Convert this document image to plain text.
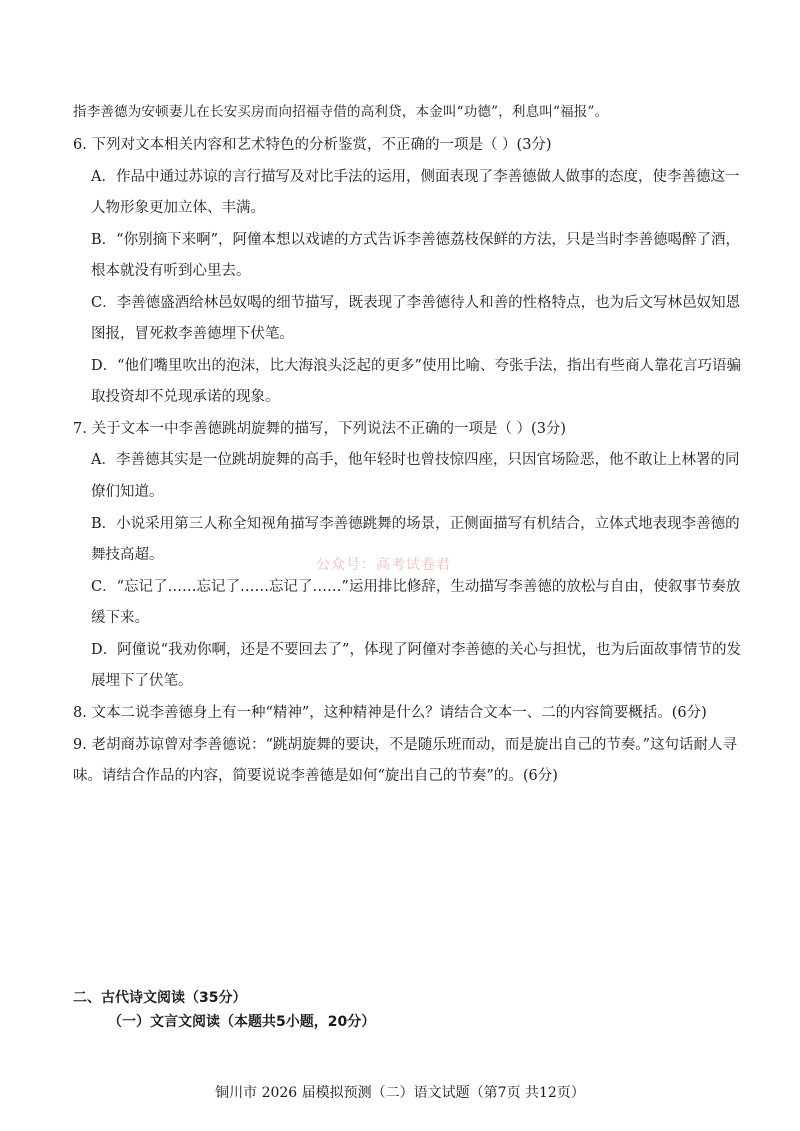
指李善德为安顿妻儿在长安买房而向招福寺借的高利贷，本金叫“功德”，利息叫“福报”。
6. 下列对文本相关内容和艺术特色的分析鉴赏，不正确的一项是（ ）(3分)
A．作品中通过苏谅的言行描写及对比手法的运用，侧面表现了李善德做人做事的态度，使李善德这一
人物形象更加立体、丰满。
B．“你别摘下来啊”，阿僮本想以戏谑的方式告诉李善德荔枝保鲜的方法，只是当时李善德喝醉了酒，
根本就没有听到心里去。
C．李善德盛酒给林邑奴喝的细节描写，既表现了李善德待人和善的性格特点，也为后文写林邑奴知恩
图报，冒死救李善德埋下伏笔。
D．“他们嘴里吹出的泡沫，比大海浪头泛起的更多”使用比喻、夸张手法，指出有些商人靠花言巧语骗
取投资却不兑现承诺的现象。
7. 关于文本一中李善德跳胡旋舞的描写，下列说法不正确的一项是（ ）(3分)
A．李善德其实是一位跳胡旋舞的高手，他年轻时也曾技惊四座，只因官场险恶，他不敢让上林署的同
僚们知道。
B．小说采用第三人称全知视角描写李善德跳舞的场景，正侧面描写有机结合，立体式地表现李善德的
舞技高超。
公众号：高考试卷君
C．“忘记了……忘记了……忘记了……”运用排比修辞，生动描写李善德的放松与自由，使叙事节奏放
缓下来。
D．阿僮说“我劝你啊，还是不要回去了”，体现了阿僮对李善德的关心与担忧，也为后面故事情节的发
展埋下了伏笔。
8. 文本二说李善德身上有一种“精神”，这种精神是什么？请结合文本一、二的内容简要概括。(6分)
9. 老胡商苏谅曾对李善德说：“跳胡旋舞的要诀，不是随乐班而动，而是旋出自己的节奏。”这句话耐人寻
味。请结合作品的内容，简要说说李善德是如何“旋出自己的节奏”的。(6分)
二、古代诗文阅读（35分）
（一）文言文阅读（本题共5小题，20分）
铜川市 2026 届模拟预测（二）语文试题（第7页 共12页）
